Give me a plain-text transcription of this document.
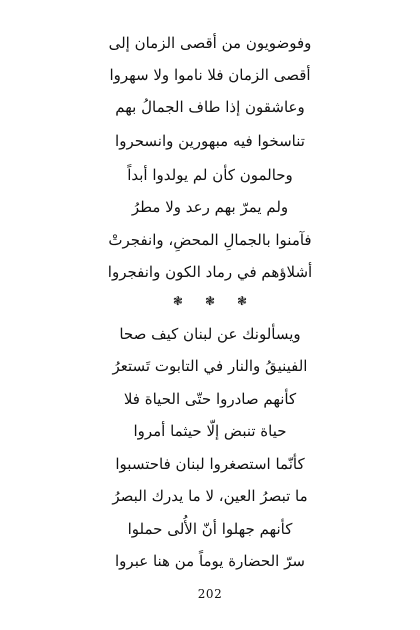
وفوضويون من أقصى الزمان إلى
أقصى الزمان فلا ناموا ولا سهروا
وعاشقون إذا طاف الجمالُ بهم
تناسخوا فيه مبهورين وانسحروا
وحالمون كأن لم يولدوا أبداً
ولم يمرّ بهم رعد ولا مطرُ
فآمنوا بالجمالِ المحضِ، وانفجرتْ
أشلاؤهم في رماد الكون وانفجروا
❃ ❃ ❃
ويسألونك عن لبنان كيف صحا
الفينيقُ والنار في التابوت تَستعرُ
كأنهم صادروا حتّى الحياة فلا
حياة تنبض إلّا حيثما أمروا
كأنّما استصغروا لبنان فاحتسبوا
ما تبصرُ العين، لا ما يدرك البصرُ
كأنهم جهلوا أنّ الأُلى حملوا
سرّ الحضارة يوماً من هنا عبروا
202
